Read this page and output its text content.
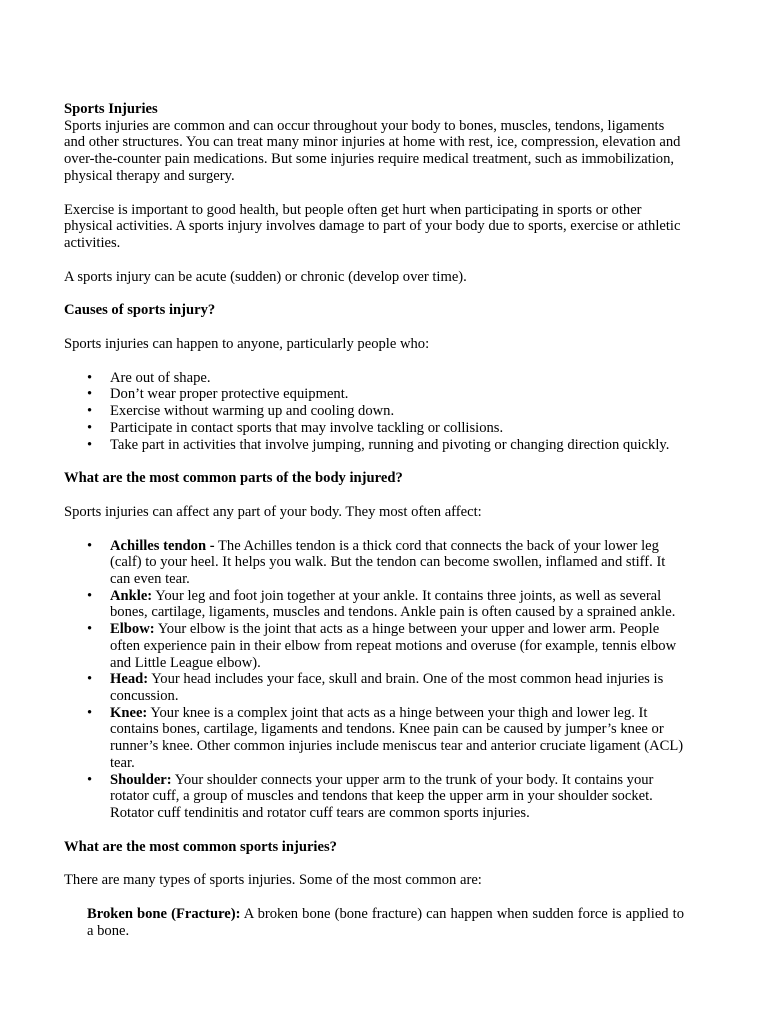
Sports Injuries

Sports injuries are common and can occur throughout your body to bones, muscles, tendons, ligaments and other structures. You can treat many minor injuries at home with rest, ice, compression, elevation and over-the-counter pain medications. But some injuries require medical treatment, such as immobilization, physical therapy and surgery.

Exercise is important to good health, but people often get hurt when participating in sports or other physical activities. A sports injury involves damage to part of your body due to sports, exercise or athletic activities.

A sports injury can be acute (sudden) or chronic (develop over time).

Causes of sports injury?

Sports injuries can happen to anyone, particularly people who:

• Are out of shape.
• Don’t wear proper protective equipment.
• Exercise without warming up and cooling down.
• Participate in contact sports that may involve tackling or collisions.
• Take part in activities that involve jumping, running and pivoting or changing direction quickly.
What are the most common parts of the body injured?

Sports injuries can affect any part of your body. They most often affect:

• Achilles tendon - The Achilles tendon is a thick cord that connects the back of your lower leg (calf) to your heel. It helps you walk. But the tendon can become swollen, inflamed and stiff. It can even tear.
• Ankle: Your leg and foot join together at your ankle. It contains three joints, as well as several bones, cartilage, ligaments, muscles and tendons. Ankle pain is often caused by a sprained ankle.
• Elbow: Your elbow is the joint that acts as a hinge between your upper and lower arm. People often experience pain in their elbow from repeat motions and overuse (for example, tennis elbow and Little League elbow).
• Head: Your head includes your face, skull and brain. One of the most common head injuries is concussion.
• Knee: Your knee is a complex joint that acts as a hinge between your thigh and lower leg. It contains bones, cartilage, ligaments and tendons. Knee pain can be caused by jumper’s knee or runner’s knee. Other common injuries include meniscus tear and anterior cruciate ligament (ACL) tear.
• Shoulder: Your shoulder connects your upper arm to the trunk of your body. It contains your rotator cuff, a group of muscles and tendons that keep the upper arm in your shoulder socket. Rotator cuff tendinitis and rotator cuff tears are common sports injuries.
What are the most common sports injuries?

There are many types of sports injuries. Some of the most common are:

Broken bone (Fracture): A broken bone (bone fracture) can happen when sudden force is applied to a bone.
